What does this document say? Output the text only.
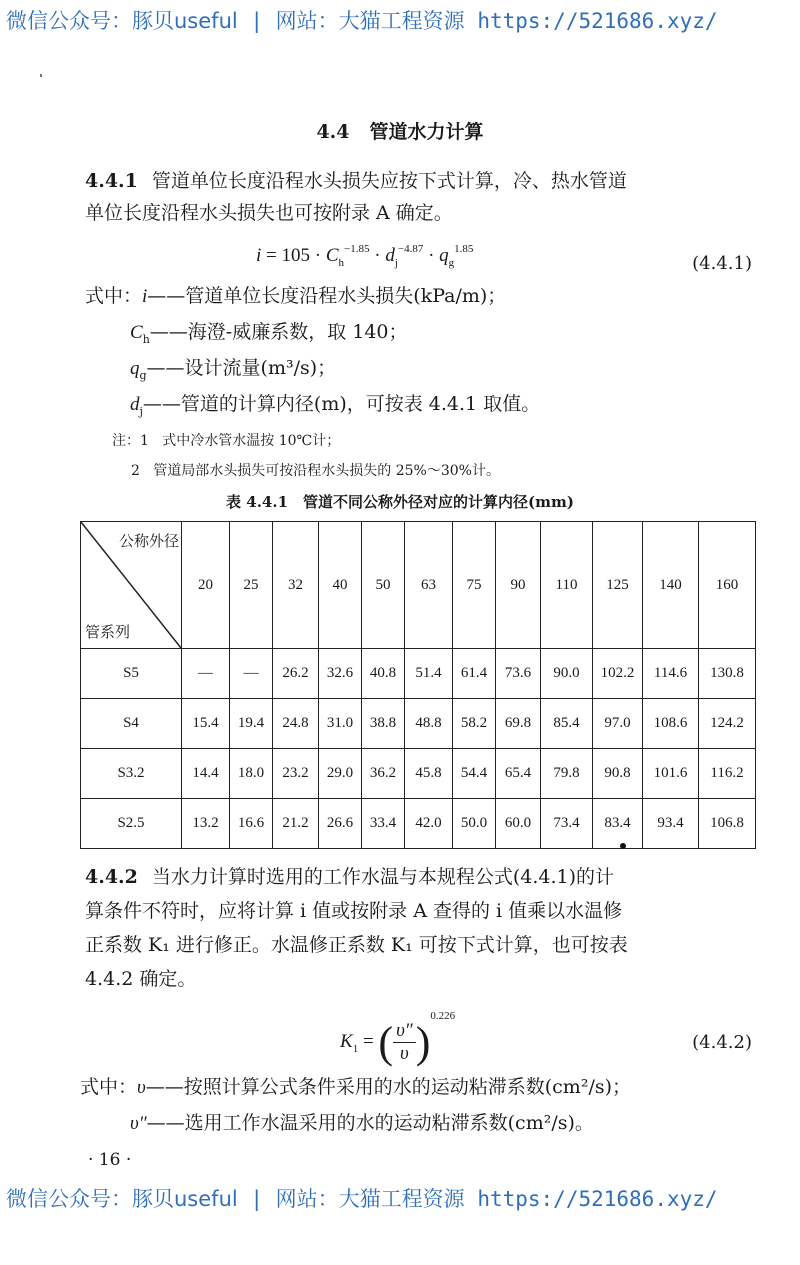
微信公众号：豚贝useful | 网站：大猫工程资源 https://521686.xyz/
4.4 管道水力计算
4.4.1 管道单位长度沿程水头损失应按下式计算，冷、热水管道
单位长度沿程水头损失也可按附录 A 确定。
$i = 105 \cdot C_h^{-1.85} \cdot d_j^{-4.87} \cdot q_g^{1.85}$
(4.4.1)
式中：i——管道单位长度沿程水头损失(kPa/m)；
$C_h——$海澄-威廉系数，取 140；
$q_g——$设计流量(m³/s)；
$d_j——$管道的计算内径(m)，可按表 4.4.1 取值。
注：1 式中冷水管水温按 10℃计；
2 管道局部水头损失可按沿程水头损失的 25%～30%计。
表 4.4.1　管道不同公称外径对应的计算内径(mm)
公称外径
管系列	20	25	32	40	50	63	75	90	110	125	140	160
S5	—	—	26.2	32.6	40.8	51.4	61.4	73.6	90.0	102.2	114.6	130.8
S4	15.4	19.4	24.8	31.0	38.8	48.8	58.2	69.8	85.4	97.0	108.6	124.2
S3.2	14.4	18.0	23.2	29.0	36.2	45.8	54.4	65.4	79.8	90.8	101.6	116.2
S2.5	13.2	16.6	21.2	26.6	33.4	42.0	50.0	60.0	73.4	83.4	93.4	106.8
4.4.2 当水力计算时选用的工作水温与本规程公式(4.4.1)的计
算条件不符时，应将计算 i 值或按附录 A 查得的 i 值乘以水温修
正系数 K₁ 进行修正。水温修正系数 K₁ 可按下式计算，也可按表
4.4.2 确定。
$K_1$ = ( $\frac{\upsilon''}{\upsilon} )^{0.226}$
(4.4.2)
式中：υ——按照计算公式条件采用的水的运动粘滞系数(cm²/s)；
υ″——选用工作水温采用的水的运动粘滞系数(cm²/s)。
· 16 ·
微信公众号：豚贝useful | 网站：大猫工程资源 https://521686.xyz/
